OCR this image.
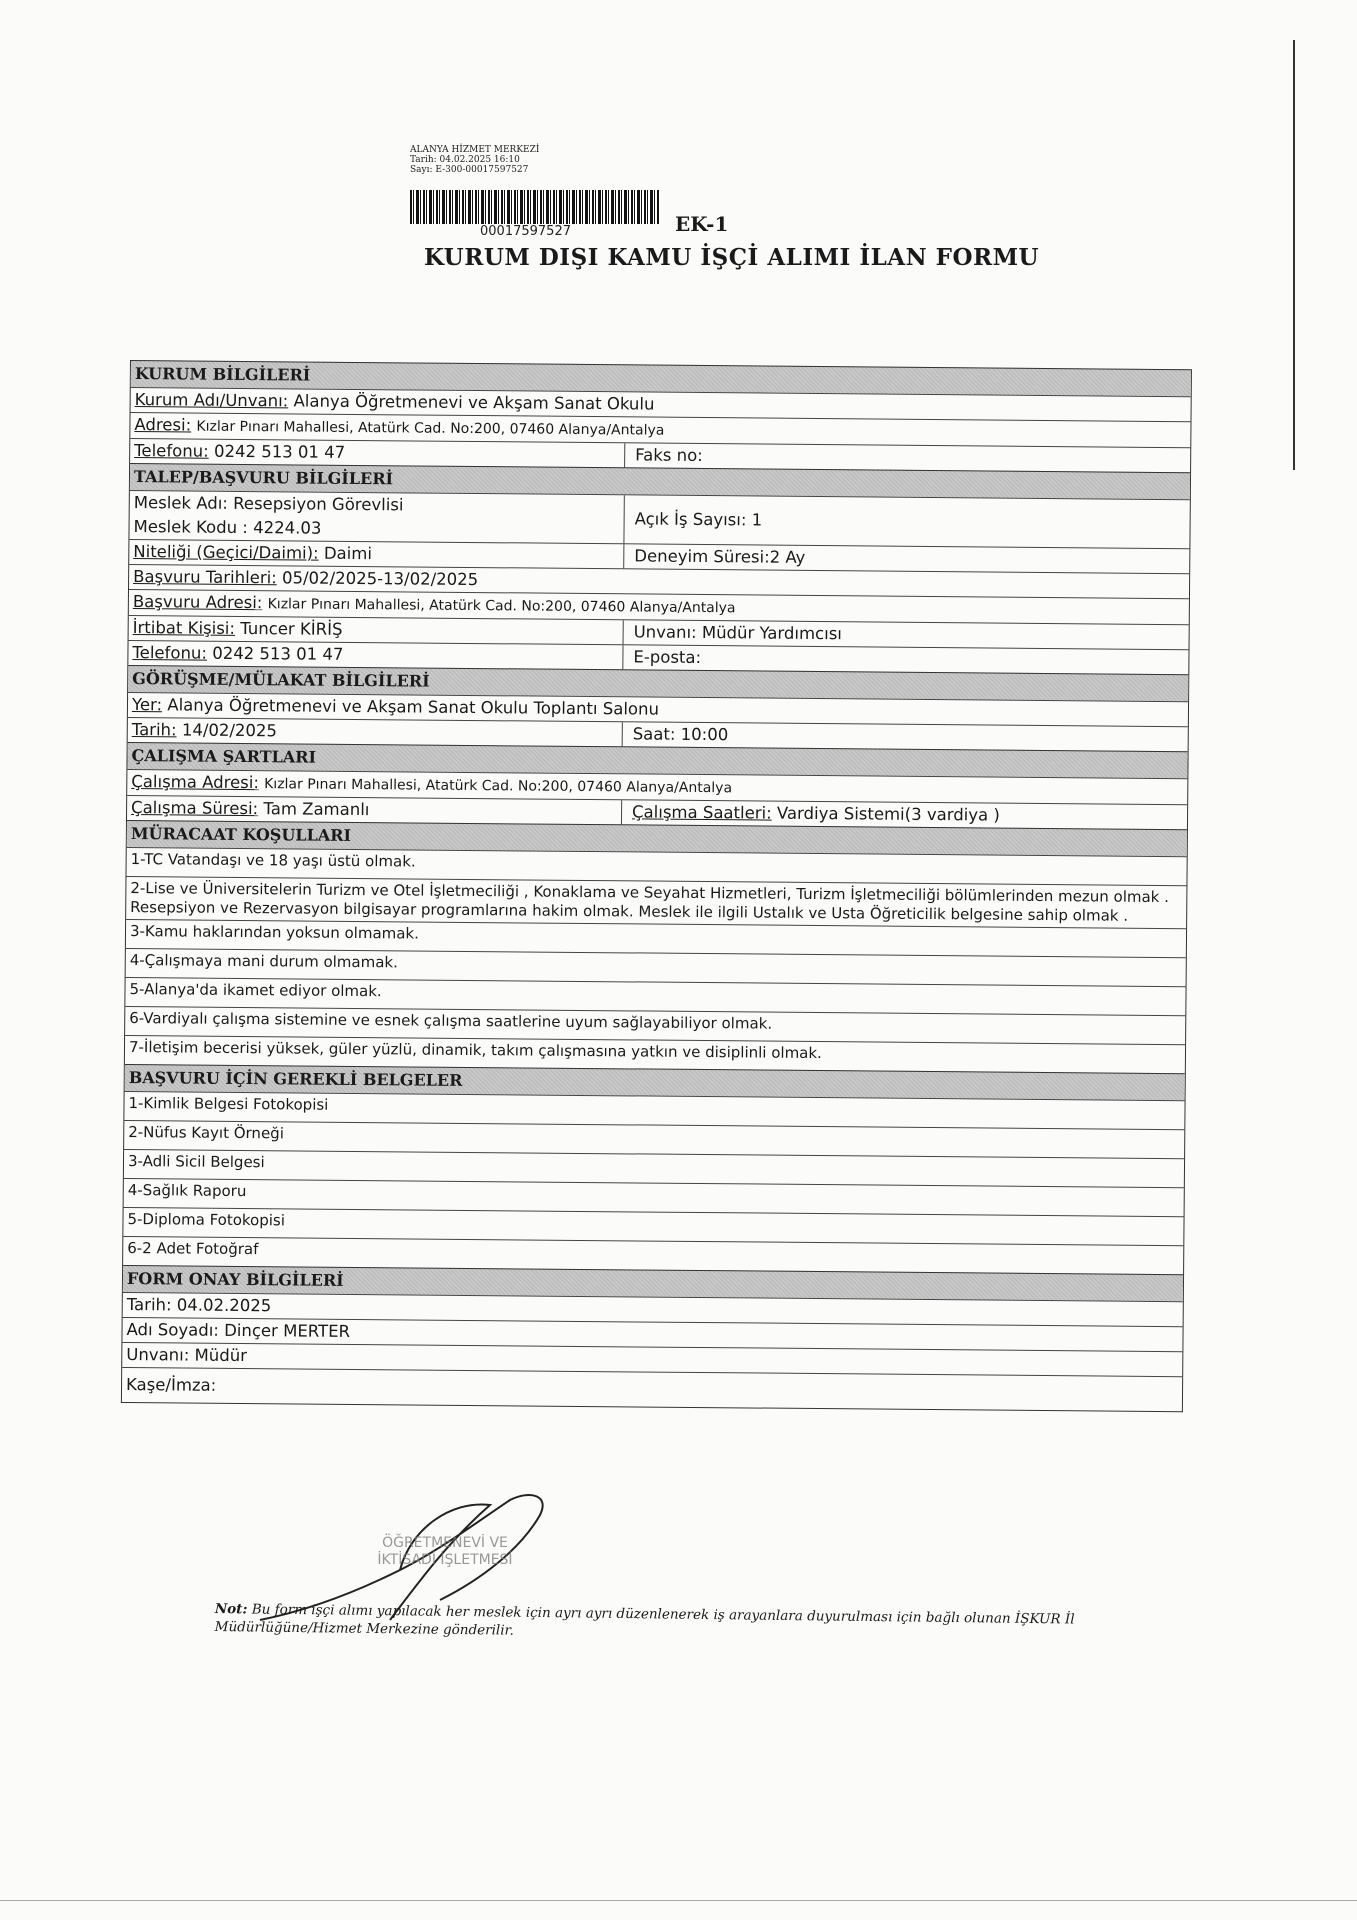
ALANYA HİZMET MERKEZİ
Tarih: 04.02.2025 16:10
Sayı: E-300-00017597527
00017597527	EK-1
KURUM DIŞI KAMU İŞÇİ ALIMI İLAN FORMU
KURUM BİLGİLERİ
Kurum Adı/Unvanı: Alanya Öğretmenevi ve Akşam Sanat Okulu
Adresi: Kızlar Pınarı Mahallesi, Atatürk Cad. No:200, 07460 Alanya/Antalya
Telefonu: 0242 513 01 47	Faks no:
TALEP/BAŞVURU BİLGİLERİ
Meslek Adı: Resepsiyon Görevlisi
Meslek Kodu : 4224.03	Açık İş Sayısı: 1
Niteliği (Geçici/Daimi): Daimi	Deneyim Süresi:2 Ay
Başvuru Tarihleri: 05/02/2025-13/02/2025
Başvuru Adresi: Kızlar Pınarı Mahallesi, Atatürk Cad. No:200, 07460 Alanya/Antalya
İrtibat Kişisi: Tuncer KİRİŞ	Unvanı: Müdür Yardımcısı
Telefonu: 0242 513 01 47	E-posta:
GÖRÜŞME/MÜLAKAT BİLGİLERİ
Yer: Alanya Öğretmenevi ve Akşam Sanat Okulu Toplantı Salonu
Tarih: 14/02/2025	Saat: 10:00
ÇALIŞMA ŞARTLARI
Çalışma Adresi: Kızlar Pınarı Mahallesi, Atatürk Cad. No:200, 07460 Alanya/Antalya
Çalışma Süresi: Tam Zamanlı	Çalışma Saatleri: Vardiya Sistemi(3 vardiya )
MÜRACAAT KOŞULLARI
1-TC Vatandaşı ve 18 yaşı üstü olmak.
2-Lise ve Üniversitelerin Turizm ve Otel İşletmeciliği , Konaklama ve Seyahat Hizmetleri, Turizm İşletmeciliği bölümlerinden mezun olmak . Resepsiyon ve Rezervasyon bilgisayar programlarına hakim olmak. Meslek ile ilgili Ustalık ve Usta Öğreticilik belgesine sahip olmak .
3-Kamu haklarından yoksun olmamak.
4-Çalışmaya mani durum olmamak.
5-Alanya'da ikamet ediyor olmak.
6-Vardiyalı çalışma sistemine ve esnek çalışma saatlerine uyum sağlayabiliyor olmak.
7-İletişim becerisi yüksek, güler yüzlü, dinamik, takım çalışmasına yatkın ve disiplinli olmak.
BAŞVURU İÇİN GEREKLİ BELGELER
1-Kimlik Belgesi Fotokopisi
2-Nüfus Kayıt Örneği
3-Adli Sicil Belgesi
4-Sağlık Raporu
5-Diploma Fotokopisi
6-2 Adet Fotoğraf
FORM ONAY BİLGİLERİ
Tarih: 04.02.2025
Adı Soyadı: Dinçer MERTER
Unvanı: Müdür
Kaşe/İmza:
ÖĞRETMENEVİ VE
İKTİSADİ İŞLETMESİ
Not: Bu form işçi alımı yapılacak her meslek için ayrı ayrı düzenlenerek iş arayanlara duyurulması için bağlı olunan İŞKUR İl Müdürlüğüne/Hizmet Merkezine gönderilir.
